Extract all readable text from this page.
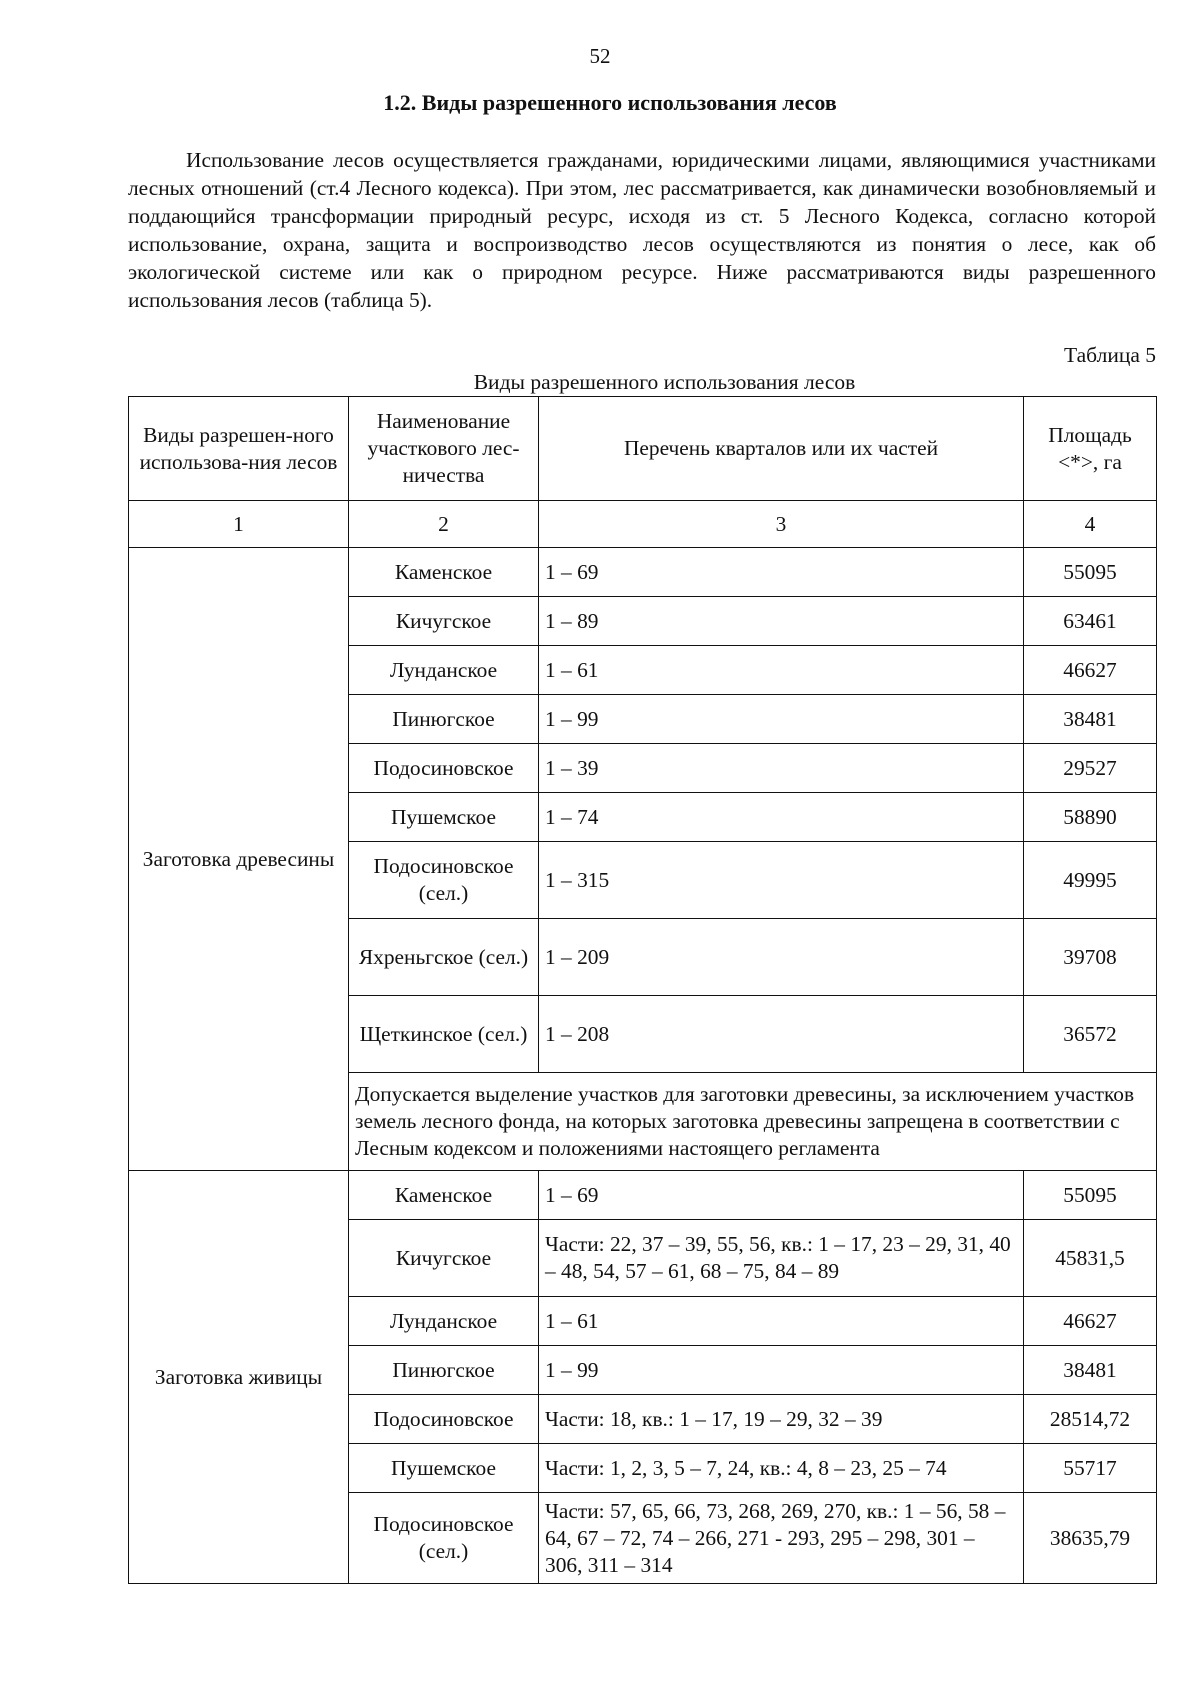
52
1.2. Виды разрешенного использования лесов

Использование лесов осуществляется гражданами, юридическими лицами, являющимися участниками лесных отношений (ст.4 Лесного кодекса). При этом, лес рассматривается, как динамически возобновляемый и поддающийся трансформации природный ресурс, исходя из ст. 5 Лесного Кодекса, согласно которой использование, охрана, защита и воспроизводство лесов осуществляются из понятия о лесе, как об экологической системе или как о природном ресурсе. Ниже рассматриваются виды разрешенного использования лесов (таблица 5).

Таблица 5
Виды разрешенного использования лесов
Виды разрешен-ного использова-ния лесов	Наименование участкового лес-ничества	Перечень кварталов или их частей	Площадь <*>, га
1	2	3	4
Заготовка древесины	Каменское	1 – 69	55095
	Кичугское	1 – 89	63461
	Лунданское	1 – 61	46627
	Пинюгское	1 – 99	38481
	Подосиновское	1 – 39	29527
	Пушемское	1 – 74	58890
	Подосиновское (сел.)	1 – 315	49995
	Яхреньгское (сел.)	1 – 209	39708
	Щеткинское (сел.)	1 – 208	36572
	Допускается выделение участков для заготовки древесины, за исключением участков земель лесного фонда, на которых заготовка древесины запрещена в соответствии с Лесным кодексом и положениями настоящего регламента		
Заготовка живицы	Каменское	1 – 69	55095
	Кичугское	Части: 22, 37 – 39, 55, 56, кв.: 1 – 17, 23 – 29, 31, 40 – 48, 54, 57 – 61, 68 – 75, 84 – 89	45831,5
	Лунданское	1 – 61	46627
	Пинюгское	1 – 99	38481
	Подосиновское	Части: 18, кв.: 1 – 17, 19 – 29, 32 – 39	28514,72
	Пушемское	Части: 1, 2, 3, 5 – 7, 24, кв.: 4, 8 – 23, 25 – 74	55717
	Подосиновское (сел.)	Части: 57, 65, 66, 73, 268, 269, 270, кв.: 1 – 56, 58 – 64, 67 – 72, 74 – 266, 271 - 293, 295 – 298, 301 – 306, 311 – 314	38635,79
